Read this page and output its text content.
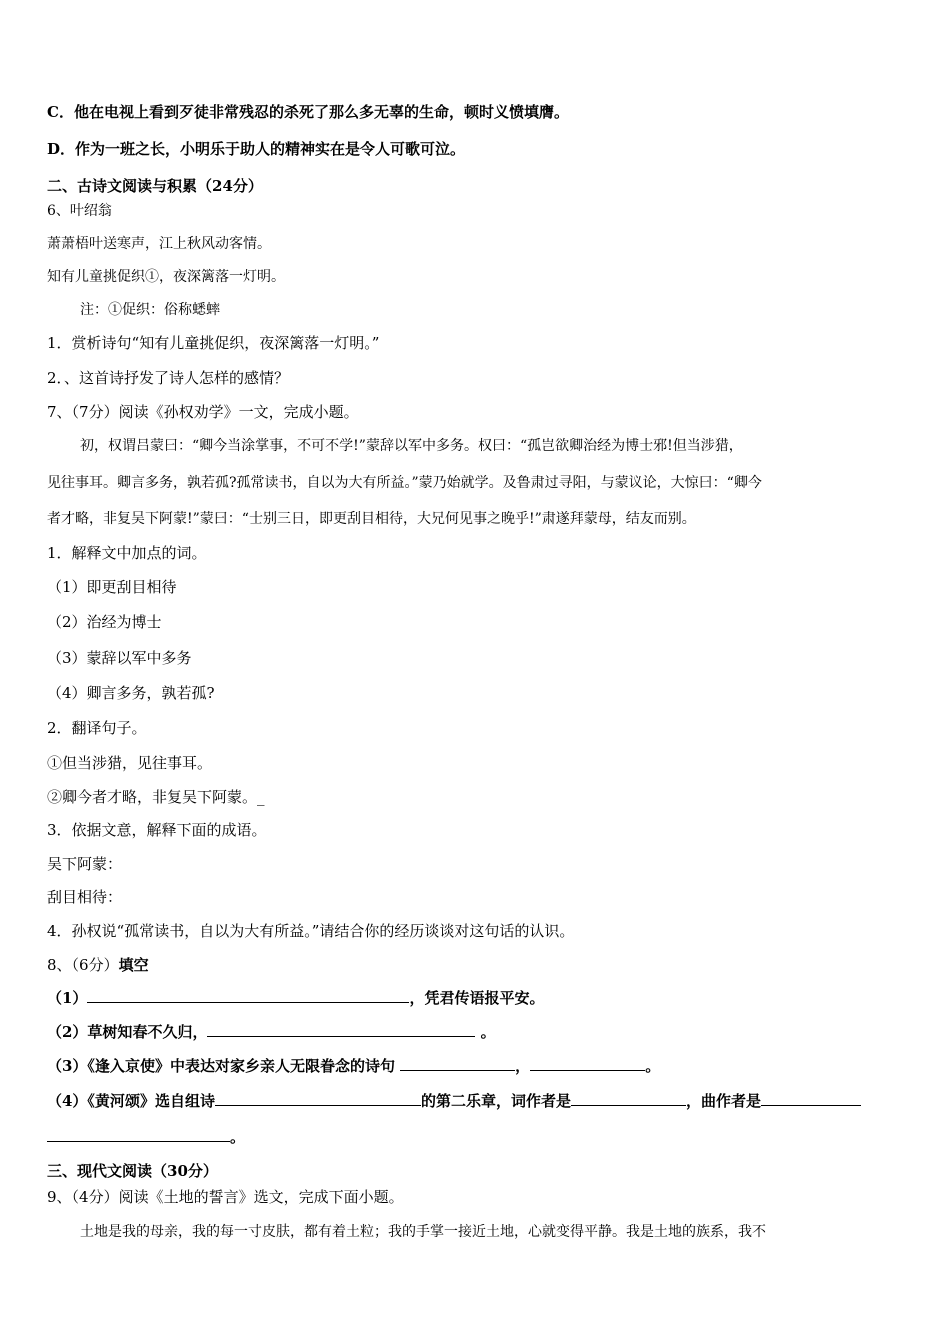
C．他在电视上看到歹徒非常残忍的杀死了那么多无辜的生命，顿时义愤填膺。
D．作为一班之长，小明乐于助人的精神实在是令人可歌可泣。
二、古诗文阅读与积累（24分）
6、叶绍翁
萧萧梧叶送寒声，江上秋风动客情。
知有儿童挑促织①，夜深篱落一灯明。
注：①促织：俗称蟋蟀
1．赏析诗句“知有儿童挑促织，夜深篱落一灯明。”
2．、这首诗抒发了诗人怎样的感情？
7、（7分）阅读《孙权劝学》一文，完成小题。
初，权谓吕蒙曰：“卿今当涂掌事，不可不学!”蒙辞以军中多务。权曰：“孤岂欲卿治经为博士邪!但当涉猎，
见往事耳。卿言多务，孰若孤?孤常读书，自以为大有所益。”蒙乃始就学。及鲁肃过寻阳，与蒙议论，大惊曰：“卿今
者才略，非复吴下阿蒙!”蒙曰：“士别三日，即更刮目相待，大兄何见事之晚乎!”肃遂拜蒙母，结友而别。
1．解释文中加点的词。
（1）即更刮目相待
（2）治经为博士
（3）蒙辞以军中多务
（4）卿言多务，孰若孤?
2．翻译句子。
①但当涉猎，见往事耳。
②卿今者才略，非复吴下阿蒙。_
3．依据文意，解释下面的成语。
吴下阿蒙：
刮目相待：
4．孙权说“孤常读书，自以为大有所益。”请结合你的经历谈谈对这句话的认识。
8、（6分）填空
（1）	，凭君传语报平安。
（2）草树知春不久归，	。
（3）《逢入京使》中表达对家乡亲人无限眷念的诗句	，	。
（4）《黄河颂》选自组诗	的第二乐章，词作者是	，曲作者是
。
三、现代文阅读（30分）
9、（4分）阅读《土地的誓言》选文，完成下面小题。
土地是我的母亲，我的每一寸皮肤，都有着土粒；我的手掌一接近土地，心就变得平静。我是土地的族系，我不
